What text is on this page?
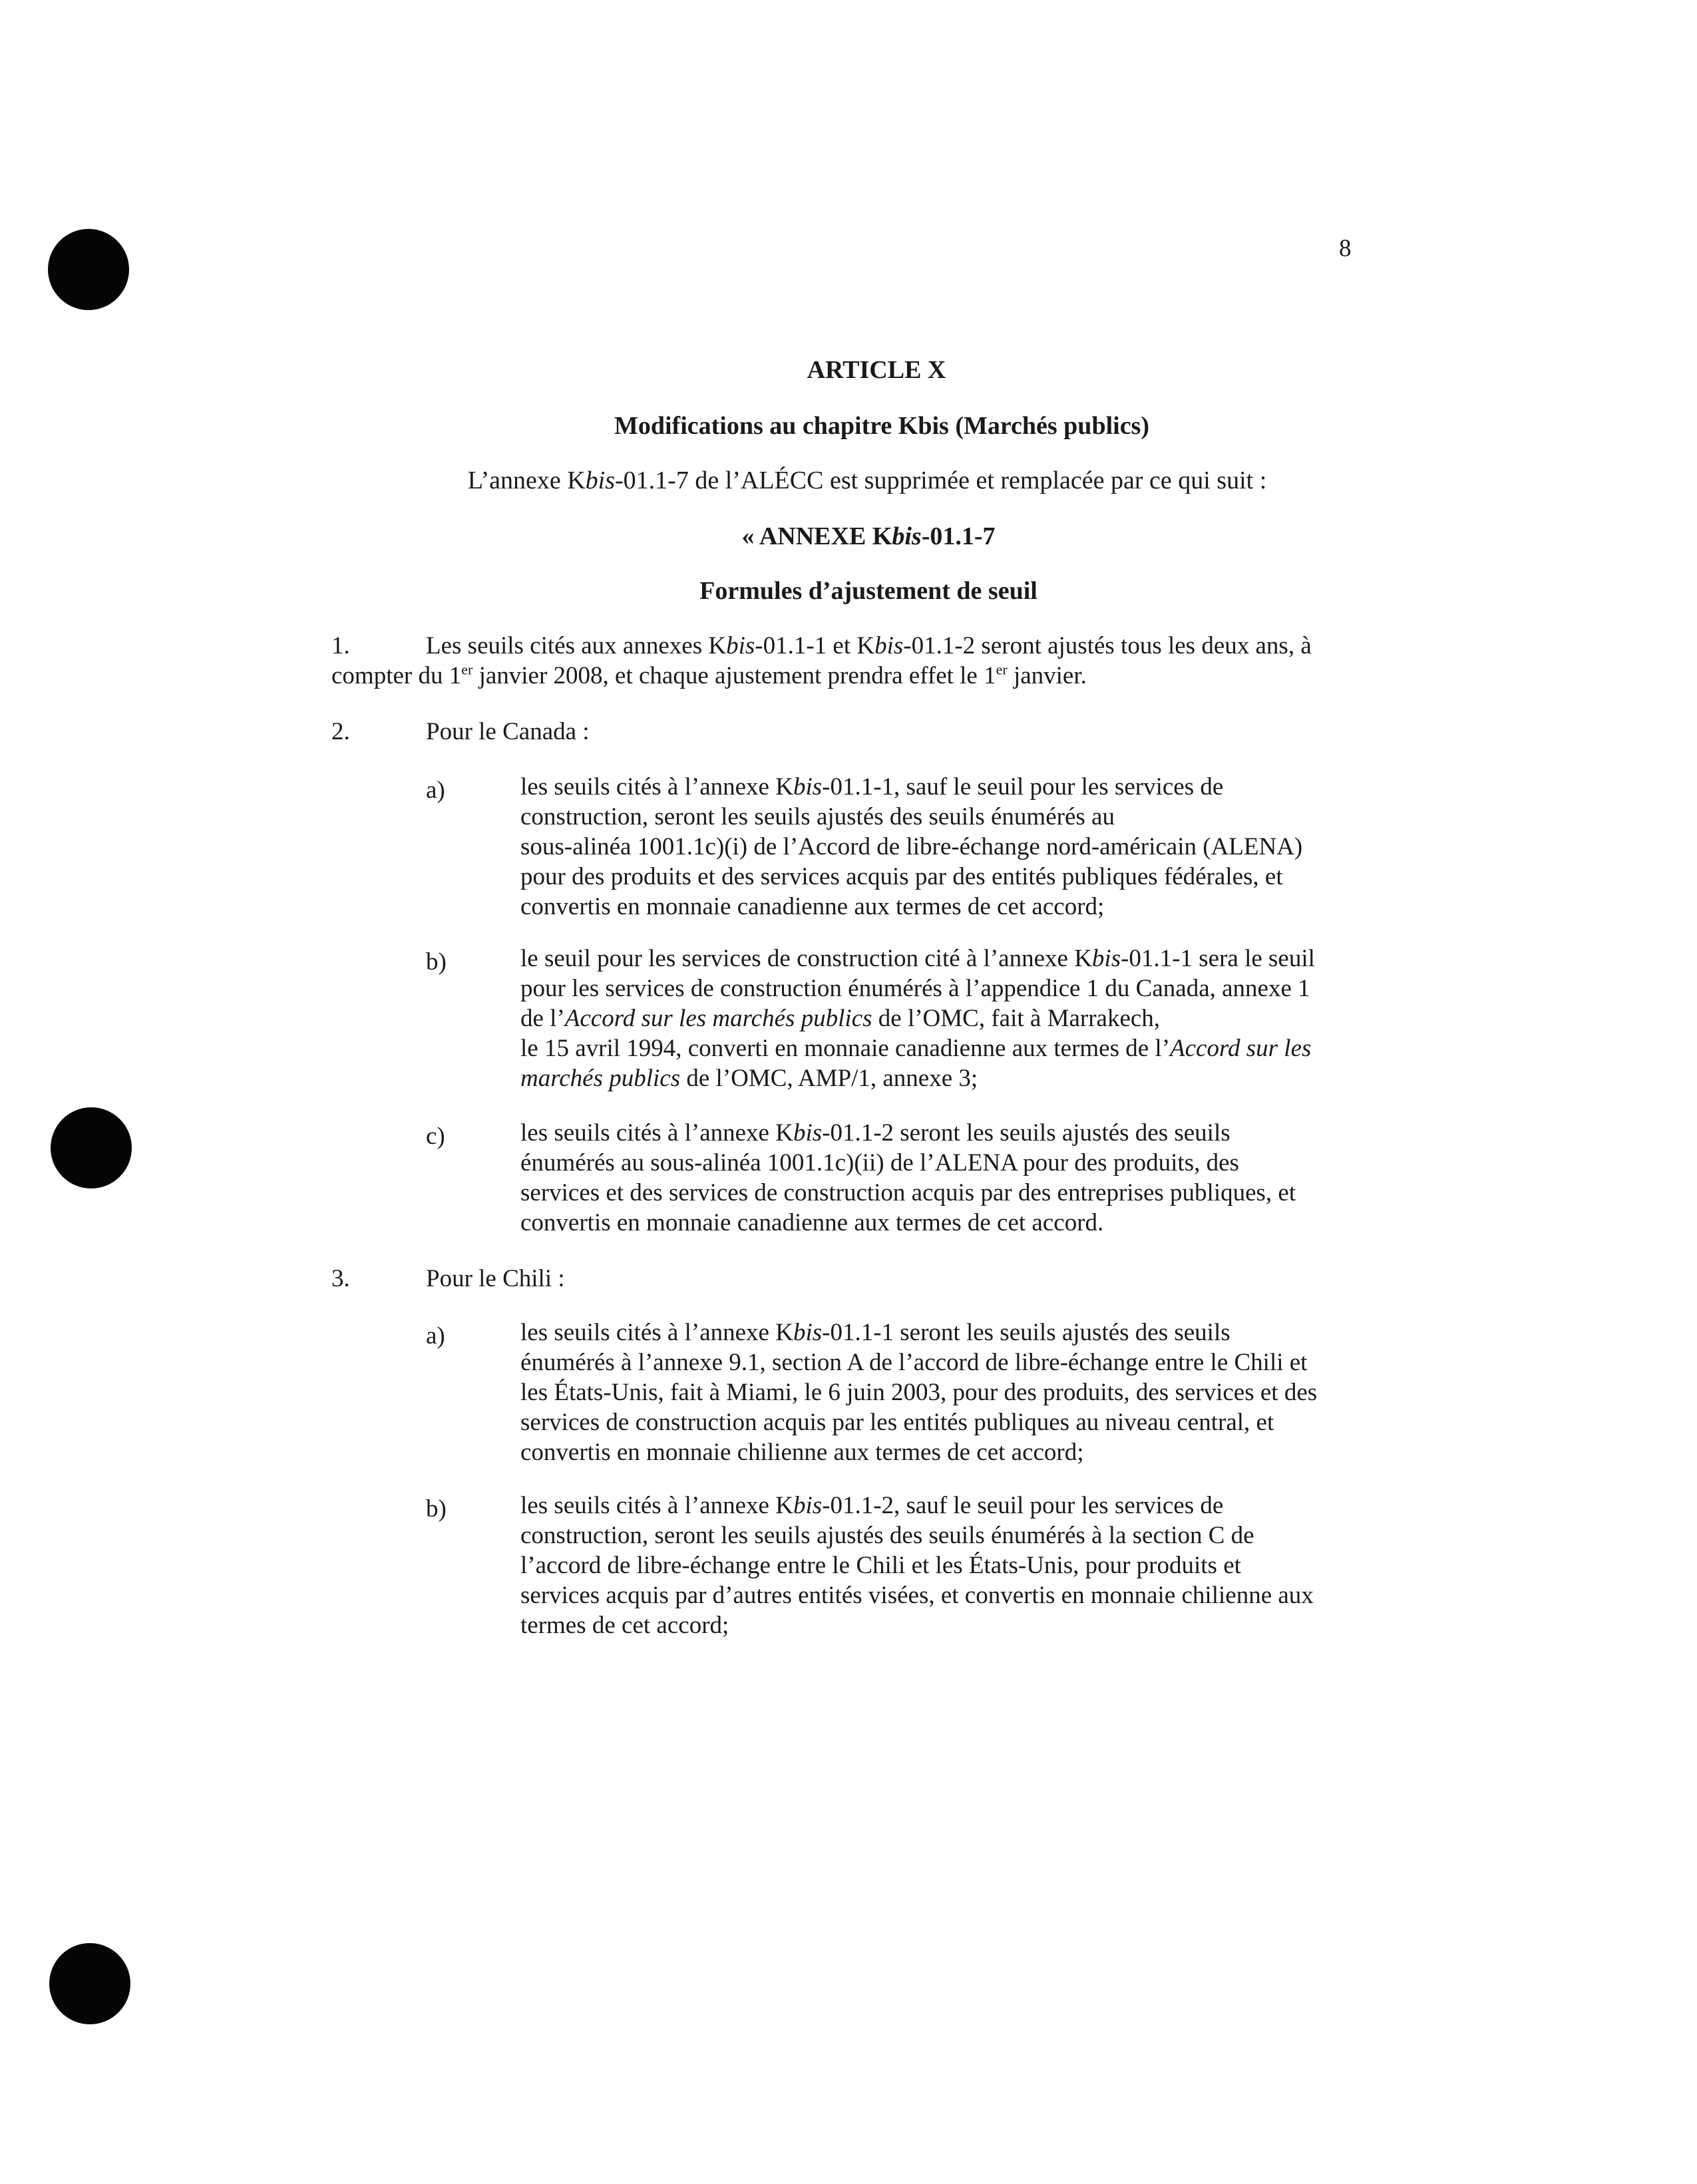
8
ARTICLE X
Modifications au chapitre Kbis (Marchés publics)
L’annexe Kbis-01.1-7 de l’ALÉCC est supprimée et remplacée par ce qui suit :
« ANNEXE Kbis-01.1-7
Formules d’ajustement de seuil
1.	Les seuils cités aux annexes Kbis-01.1-1 et Kbis-01.1-2 seront ajustés tous les deux ans, à
compter du 1er janvier 2008, et chaque ajustement prendra effet le 1er janvier.
2.	Pour le Canada :
a)	les seuils cités à l’annexe Kbis-01.1-1, sauf le seuil pour les services de
construction, seront les seuils ajustés des seuils énumérés au
sous-alinéa 1001.1c)(i) de l’Accord de libre-échange nord-américain (ALENA)
pour des produits et des services acquis par des entités publiques fédérales, et
convertis en monnaie canadienne aux termes de cet accord;
b)	le seuil pour les services de construction cité à l’annexe Kbis-01.1-1 sera le seuil
pour les services de construction énumérés à l’appendice 1 du Canada, annexe 1
de l’Accord sur les marchés publics de l’OMC, fait à Marrakech,
le 15 avril 1994, converti en monnaie canadienne aux termes de l’Accord sur les
marchés publics de l’OMC, AMP/1, annexe 3;
c)	les seuils cités à l’annexe Kbis-01.1-2 seront les seuils ajustés des seuils
énumérés au sous-alinéa 1001.1c)(ii) de l’ALENA pour des produits, des
services et des services de construction acquis par des entreprises publiques, et
convertis en monnaie canadienne aux termes de cet accord.
3.	Pour le Chili :
a)	les seuils cités à l’annexe Kbis-01.1-1 seront les seuils ajustés des seuils
énumérés à l’annexe 9.1, section A de l’accord de libre-échange entre le Chili et
les États-Unis, fait à Miami, le 6 juin 2003, pour des produits, des services et des
services de construction acquis par les entités publiques au niveau central, et
convertis en monnaie chilienne aux termes de cet accord;
b)	les seuils cités à l’annexe Kbis-01.1-2, sauf le seuil pour les services de
construction, seront les seuils ajustés des seuils énumérés à la section C de
l’accord de libre-échange entre le Chili et les États-Unis, pour produits et
services acquis par d’autres entités visées, et convertis en monnaie chilienne aux
termes de cet accord;
